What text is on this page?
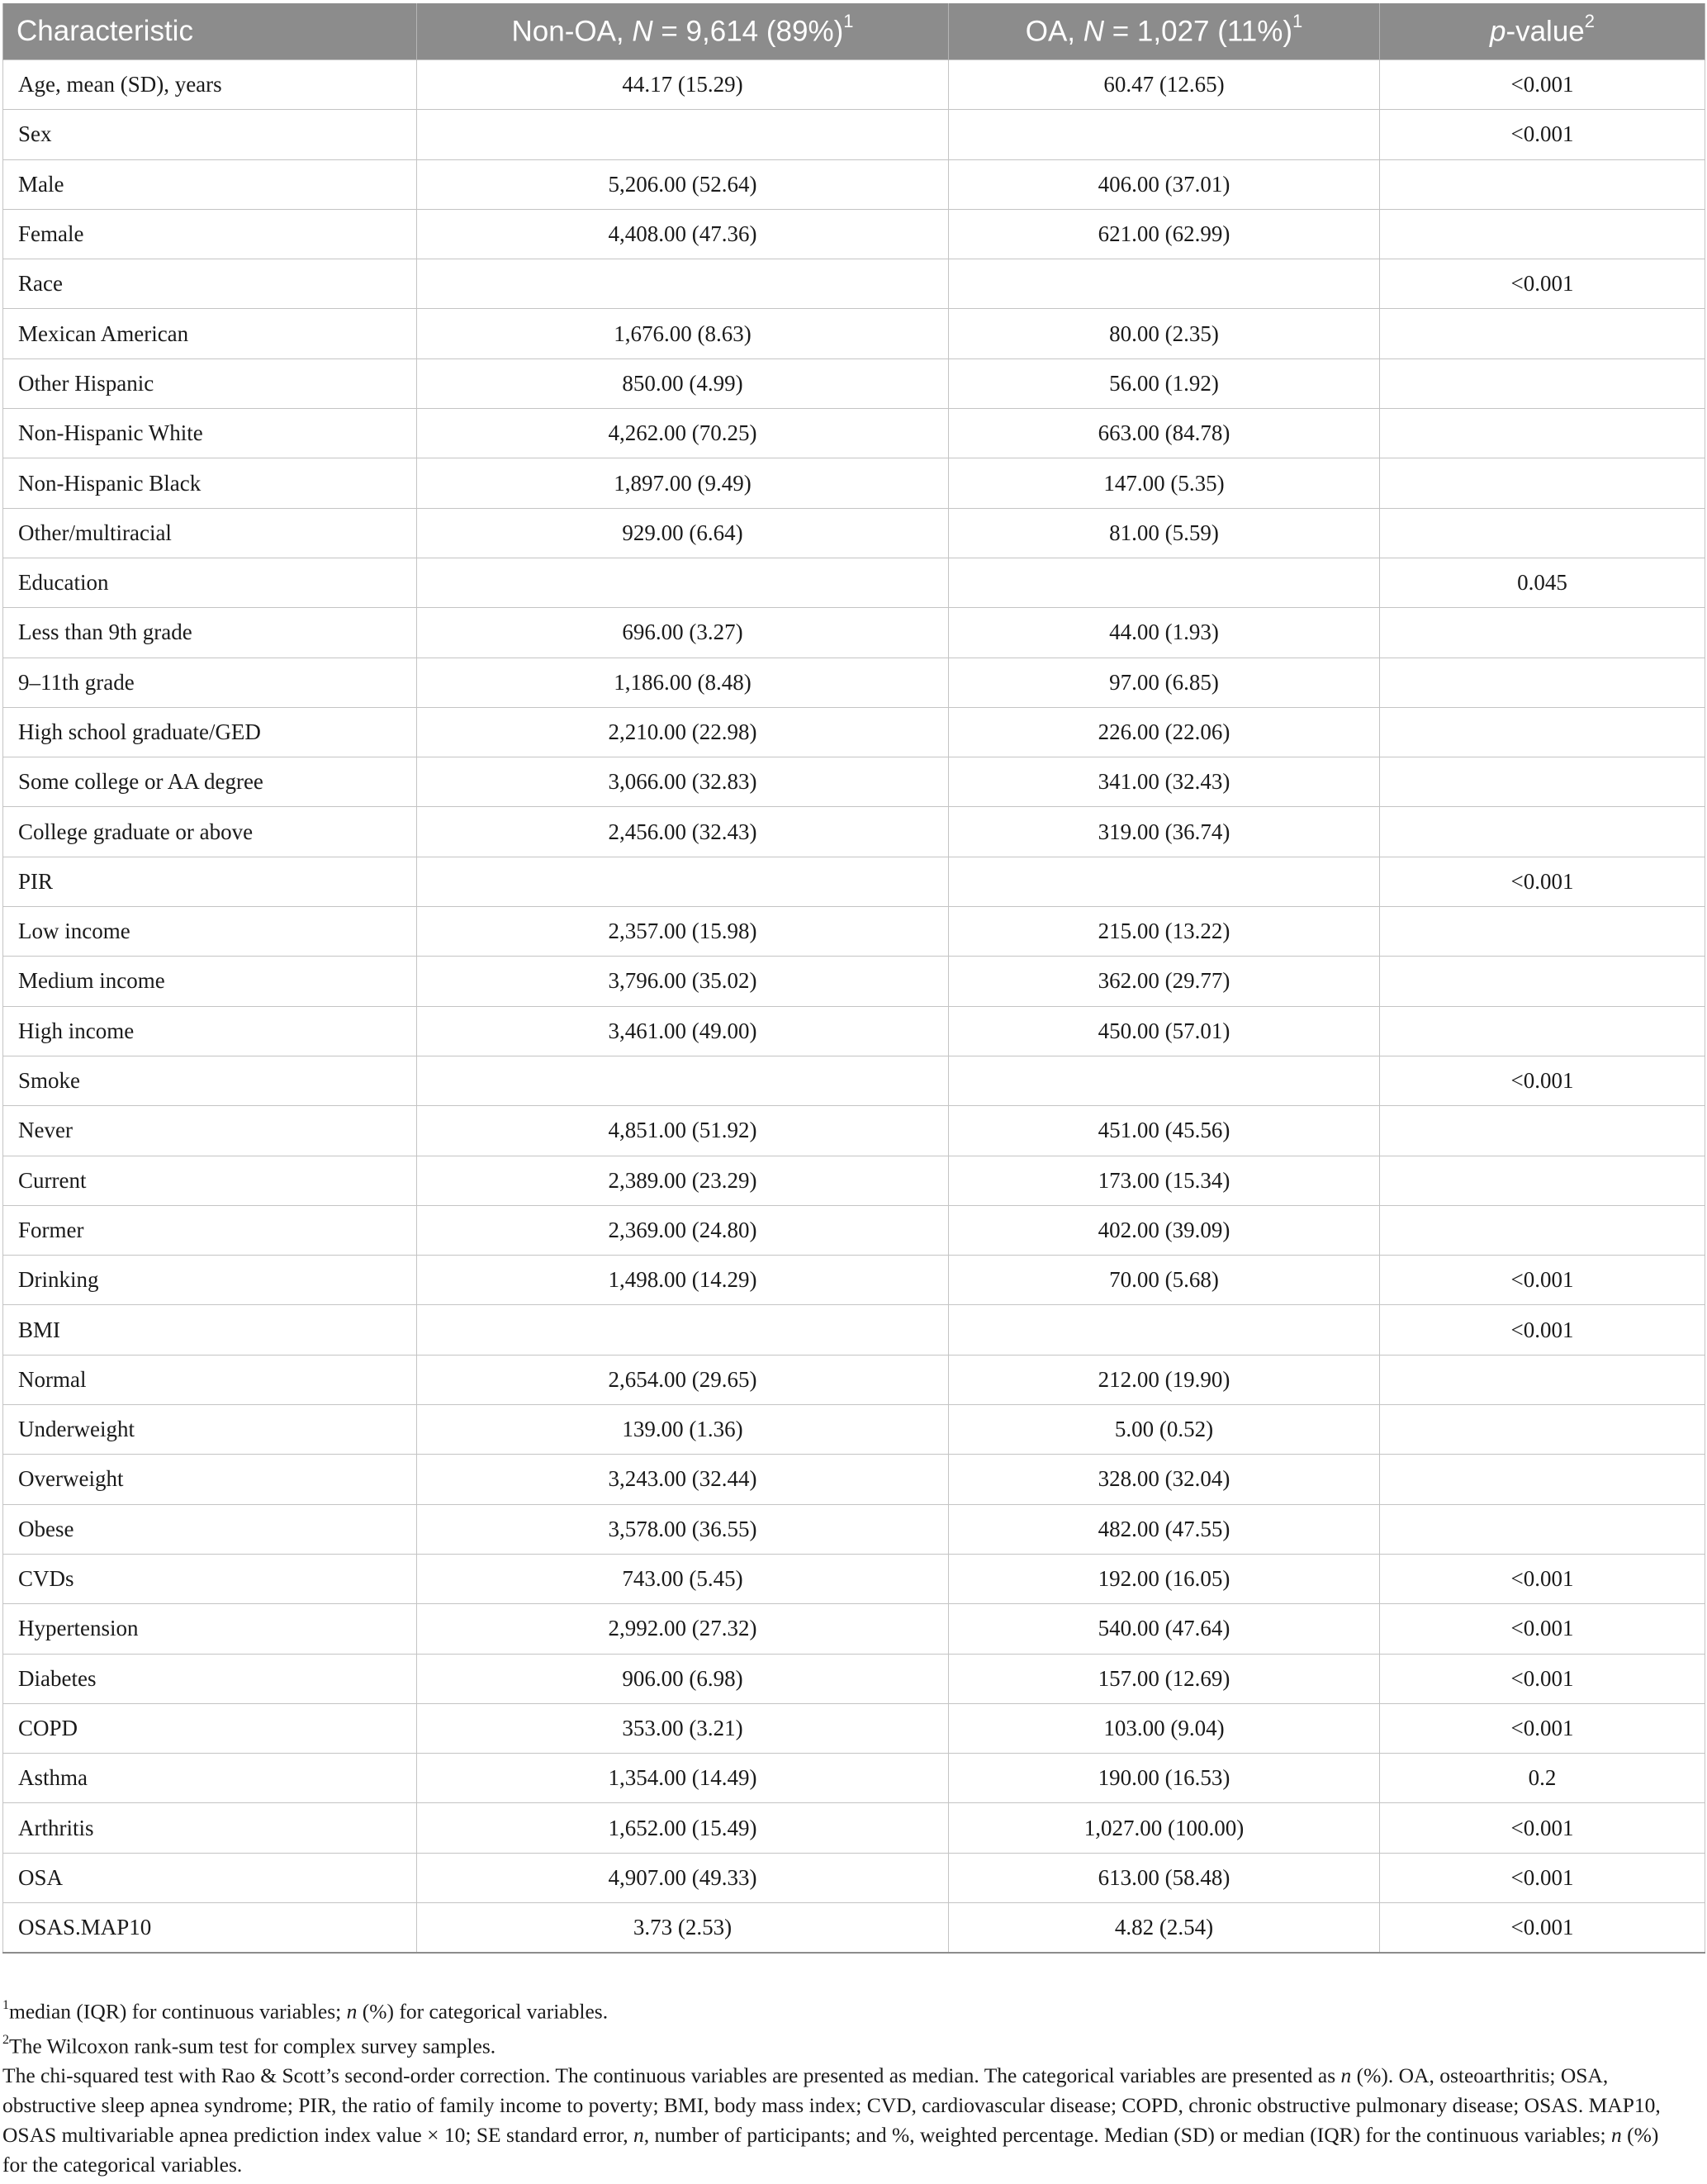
Characteristic	Non-OA, N = 9,614 $(89\%)^1$	OA, N = 1,027 $(11\%)^1$	p-value$^2$
Age, mean (SD), years	44.17 (15.29)	60.47 (12.65)	<0.001
Sex			<0.001
Male	5,206.00 (52.64)	406.00 (37.01)	
Female	4,408.00 (47.36)	621.00 (62.99)	
Race			<0.001
Mexican American	1,676.00 (8.63)	80.00 (2.35)	
Other Hispanic	850.00 (4.99)	56.00 (1.92)	
Non-Hispanic White	4,262.00 (70.25)	663.00 (84.78)	
Non-Hispanic Black	1,897.00 (9.49)	147.00 (5.35)	
Other/multiracial	929.00 (6.64)	81.00 (5.59)	
Education			0.045
Less than 9th grade	696.00 (3.27)	44.00 (1.93)	
9–11th grade	1,186.00 (8.48)	97.00 (6.85)	
High school graduate/GED	2,210.00 (22.98)	226.00 (22.06)	
Some college or AA degree	3,066.00 (32.83)	341.00 (32.43)	
College graduate or above	2,456.00 (32.43)	319.00 (36.74)	
PIR			<0.001
Low income	2,357.00 (15.98)	215.00 (13.22)	
Medium income	3,796.00 (35.02)	362.00 (29.77)	
High income	3,461.00 (49.00)	450.00 (57.01)	
Smoke			<0.001
Never	4,851.00 (51.92)	451.00 (45.56)	
Current	2,389.00 (23.29)	173.00 (15.34)	
Former	2,369.00 (24.80)	402.00 (39.09)	
Drinking	1,498.00 (14.29)	70.00 (5.68)	<0.001
BMI			<0.001
Normal	2,654.00 (29.65)	212.00 (19.90)	
Underweight	139.00 (1.36)	5.00 (0.52)	
Overweight	3,243.00 (32.44)	328.00 (32.04)	
Obese	3,578.00 (36.55)	482.00 (47.55)	
CVDs	743.00 (5.45)	192.00 (16.05)	<0.001
Hypertension	2,992.00 (27.32)	540.00 (47.64)	<0.001
Diabetes	906.00 (6.98)	157.00 (12.69)	<0.001
COPD	353.00 (3.21)	103.00 (9.04)	<0.001
Asthma	1,354.00 (14.49)	190.00 (16.53)	0.2
Arthritis	1,652.00 (15.49)	1,027.00 (100.00)	<0.001
OSA	4,907.00 (49.33)	613.00 (58.48)	<0.001
OSAS.MAP10	3.73 (2.53)	4.82 (2.54)	<0.001

$^1$median (IQR) for continuous variables; n (%) for categorical variables.

$^2$The Wilcoxon rank-sum test for complex survey samples.

The chi-squared test with Rao & Scott’s second-order correction. The continuous variables are presented as median. The categorical variables are presented as n (%). OA, osteoarthritis; OSA, obstructive sleep apnea syndrome; PIR, the ratio of family income to poverty; BMI, body mass index; CVD, cardiovascular disease; COPD, chronic obstructive pulmonary disease; OSAS. MAP10, OSAS multivariable apnea prediction index value × 10; SE standard error, n, number of participants; and %, weighted percentage. Median (SD) or median (IQR) for the continuous variables; n (%) for the categorical variables.
